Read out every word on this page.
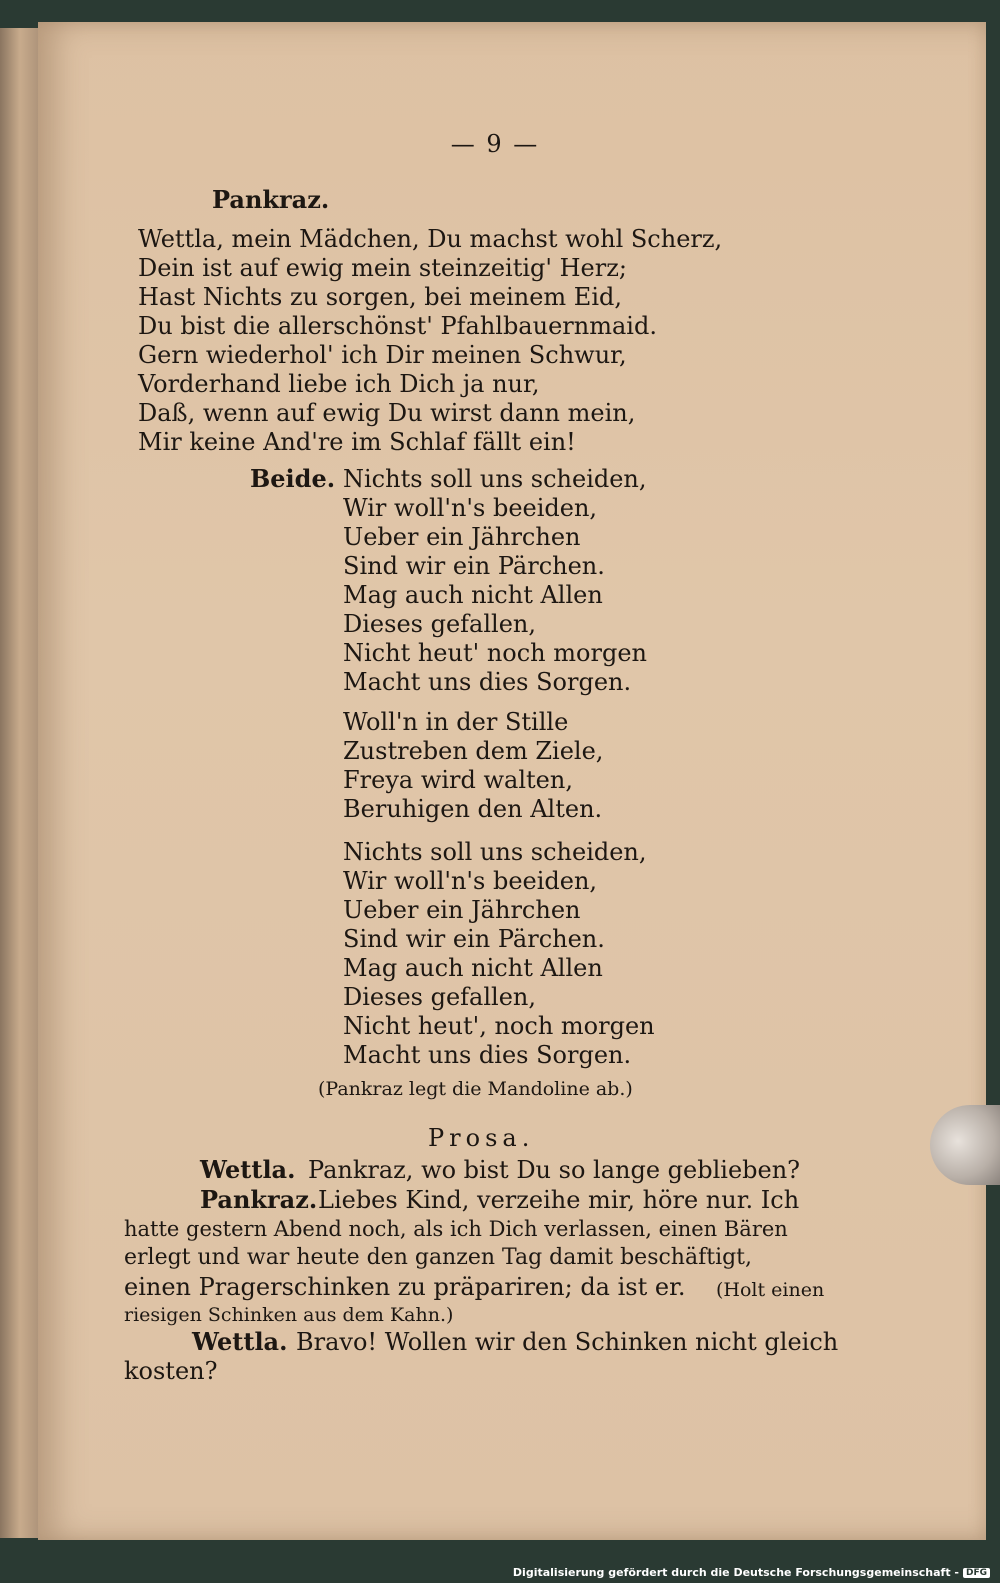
— 9 —
Pankraz.
Wettla, mein Mädchen, Du machst wohl Scherz,
Dein ist auf ewig mein steinzeitig' Herz;
Hast Nichts zu sorgen, bei meinem Eid,
Du bist die allerschönst' Pfahlbauernmaid.
Gern wiederhol' ich Dir meinen Schwur,
Vorderhand liebe ich Dich ja nur,
Daß, wenn auf ewig Du wirst dann mein,
Mir keine And're im Schlaf fällt ein!
Beide. Nichts soll uns scheiden,
Wir woll'n's beeiden,
Ueber ein Jährchen
Sind wir ein Pärchen.
Mag auch nicht Allen
Dieses gefallen,
Nicht heut' noch morgen
Macht uns dies Sorgen.
Woll'n in der Stille
Zustreben dem Ziele,
Freya wird walten,
Beruhigen den Alten.
Nichts soll uns scheiden,
Wir woll'n's beeiden,
Ueber ein Jährchen
Sind wir ein Pärchen.
Mag auch nicht Allen
Dieses gefallen,
Nicht heut', noch morgen
Macht uns dies Sorgen.
(Pankraz legt die Mandoline ab.)
Prosa.
Wettla. Pankraz, wo bist Du so lange geblieben?
Pankraz. Liebes Kind, verzeihe mir, höre nur. Ich
hatte gestern Abend noch, als ich Dich verlassen, einen Bären
erlegt und war heute den ganzen Tag damit beschäftigt,
einen Pragerschinken zu präpariren; da ist er. (Holt einen
riesigen Schinken aus dem Kahn.)
Wettla. Bravo! Wollen wir den Schinken nicht gleich
kosten?
Digitalisierung gefördert durch die Deutsche Forschungsgemeinschaft - DFG
